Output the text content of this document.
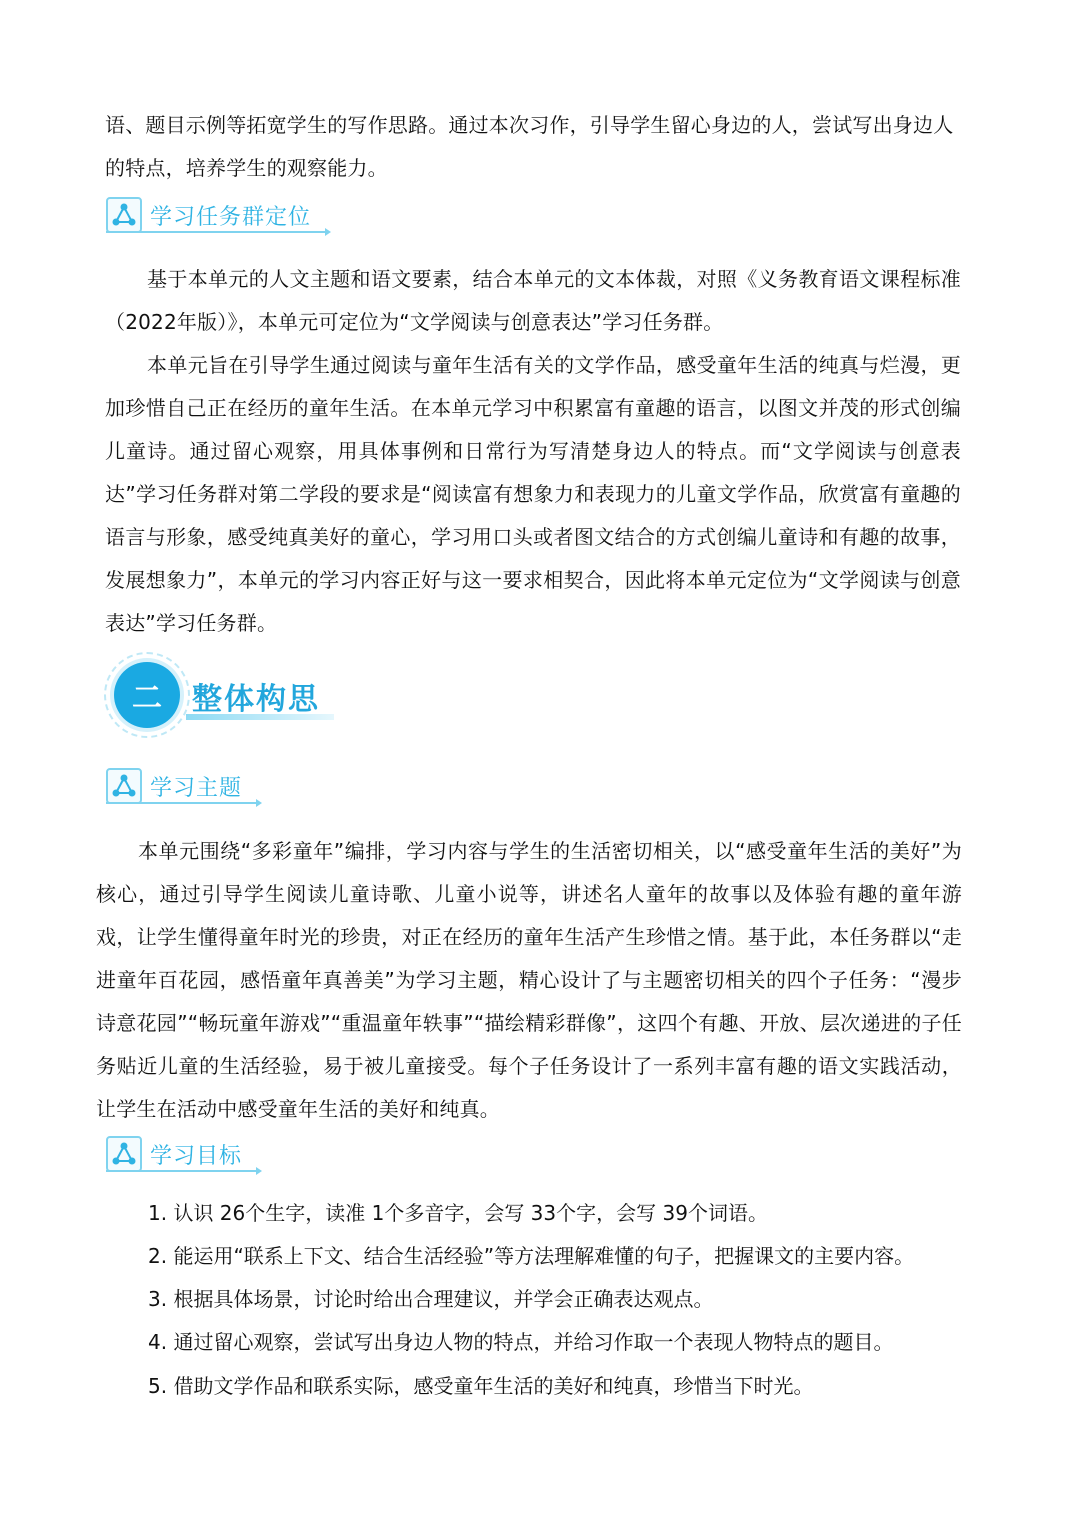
语、题目示例等拓宽学生的写作思路。通过本次习作，引导学生留心身边的人，尝试写出身边人

的特点，培养学生的观察能力。

学习任务群定位

基于本单元的人文主题和语文要素，结合本单元的文本体裁，对照《义务教育语文课程标准（2022年版）》，本单元可定位为“文学阅读与创意表达”学习任务群。

本单元旨在引导学生通过阅读与童年生活有关的文学作品，感受童年生活的纯真与烂漫，更加珍惜自己正在经历的童年生活。在本单元学习中积累富有童趣的语言，以图文并茂的形式创编儿童诗。通过留心观察，用具体事例和日常行为写清楚身边人的特点。而“文学阅读与创意表达”学习任务群对第二学段的要求是“阅读富有想象力和表现力的儿童文学作品，欣赏富有童趣的语言与形象，感受纯真美好的童心，学习用口头或者图文结合的方式创编儿童诗和有趣的故事，发展想象力”，本单元的学习内容正好与这一要求相契合，因此将本单元定位为“文学阅读与创意表达”学习任务群。

二	整体构思
学习主题

本单元围绕“多彩童年”编排，学习内容与学生的生活密切相关，以“感受童年生活的美好”为核心，通过引导学生阅读儿童诗歌、儿童小说等，讲述名人童年的故事以及体验有趣的童年游戏，让学生懂得童年时光的珍贵，对正在经历的童年生活产生珍惜之情。基于此，本任务群以“走进童年百花园，感悟童年真善美”为学习主题，精心设计了与主题密切相关的四个子任务：“漫步诗意花园”“畅玩童年游戏”“重温童年轶事”“描绘精彩群像”，这四个有趣、开放、层次递进的子任务贴近儿童的生活经验，易于被儿童接受。每个子任务设计了一系列丰富有趣的语文实践活动，让学生在活动中感受童年生活的美好和纯真。

学习目标
1. 认识 26个生字，读准 1个多音字，会写 33个字，会写 39个词语。
2. 能运用“联系上下文、结合生活经验”等方法理解难懂的句子，把握课文的主要内容。
3. 根据具体场景，讨论时给出合理建议，并学会正确表达观点。
4. 通过留心观察，尝试写出身边人物的特点，并给习作取一个表现人物特点的题目。
5. 借助文学作品和联系实际，感受童年生活的美好和纯真，珍惜当下时光。
